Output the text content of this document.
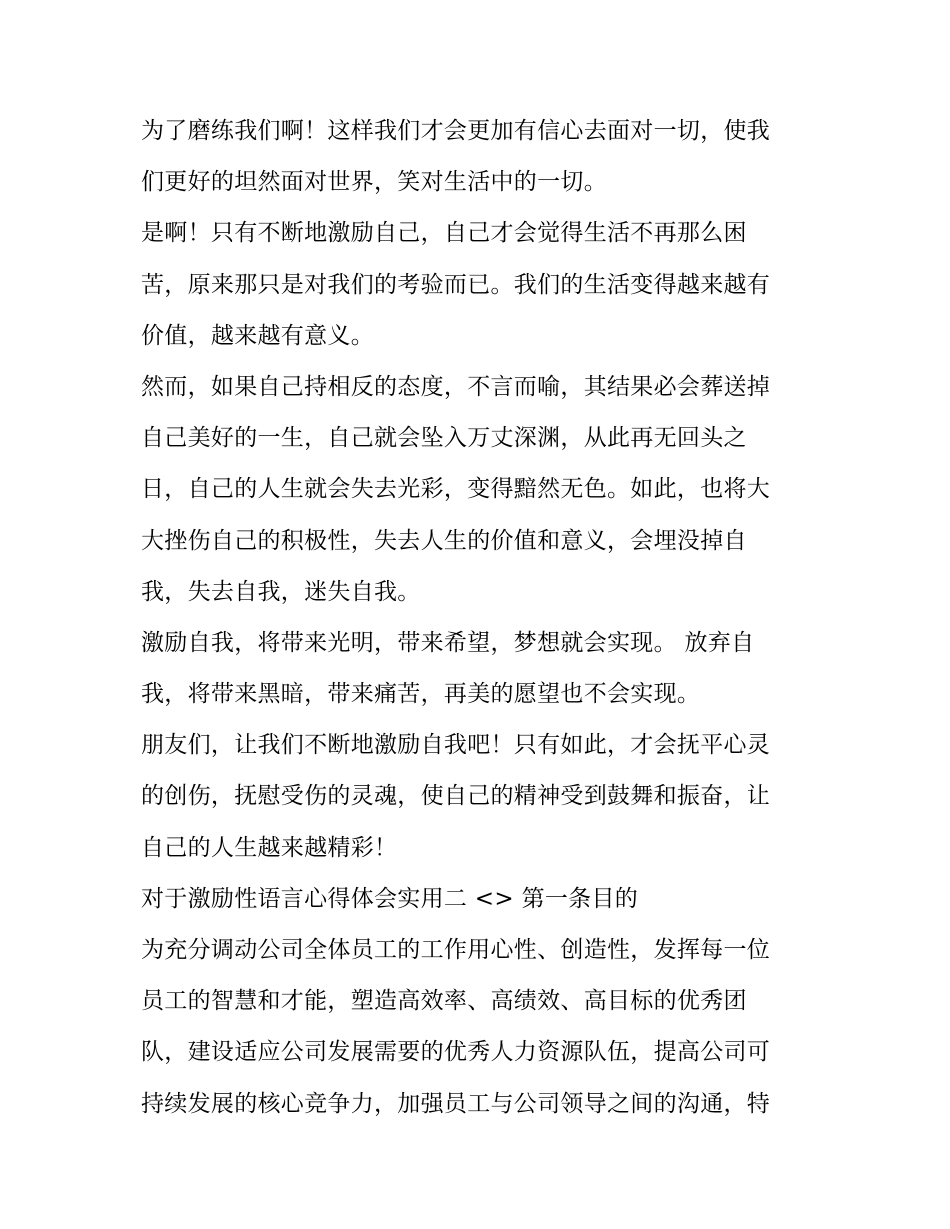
为了磨练我们啊！这样我们才会更加有信心去面对一切，使我
们更好的坦然面对世界，笑对生活中的一切。
是啊！只有不断地激励自己，自己才会觉得生活不再那么困
苦，原来那只是对我们的考验而已。我们的生活变得越来越有
价值，越来越有意义。
然而，如果自己持相反的态度，不言而喻，其结果必会葬送掉
自己美好的一生，自己就会坠入万丈深渊，从此再无回头之
日，自己的人生就会失去光彩，变得黯然无色。如此，也将大
大挫伤自己的积极性，失去人生的价值和意义，会埋没掉自
我，失去自我，迷失自我。
激励自我，将带来光明，带来希望，梦想就会实现。 放弃自
我，将带来黑暗，带来痛苦，再美的愿望也不会实现。
朋友们，让我们不断地激励自我吧！只有如此，才会抚平心灵
的创伤，抚慰受伤的灵魂，使自己的精神受到鼓舞和振奋，让
自己的人生越来越精彩！
对于激励性语言心得体会实用二 <> 第一条目的
为充分调动公司全体员工的工作用心性、创造性，发挥每一位
员工的智慧和才能，塑造高效率、高绩效、高目标的优秀团
队，建设适应公司发展需要的优秀人力资源队伍，提高公司可
持续发展的核心竞争力，加强员工与公司领导之间的沟通，特
